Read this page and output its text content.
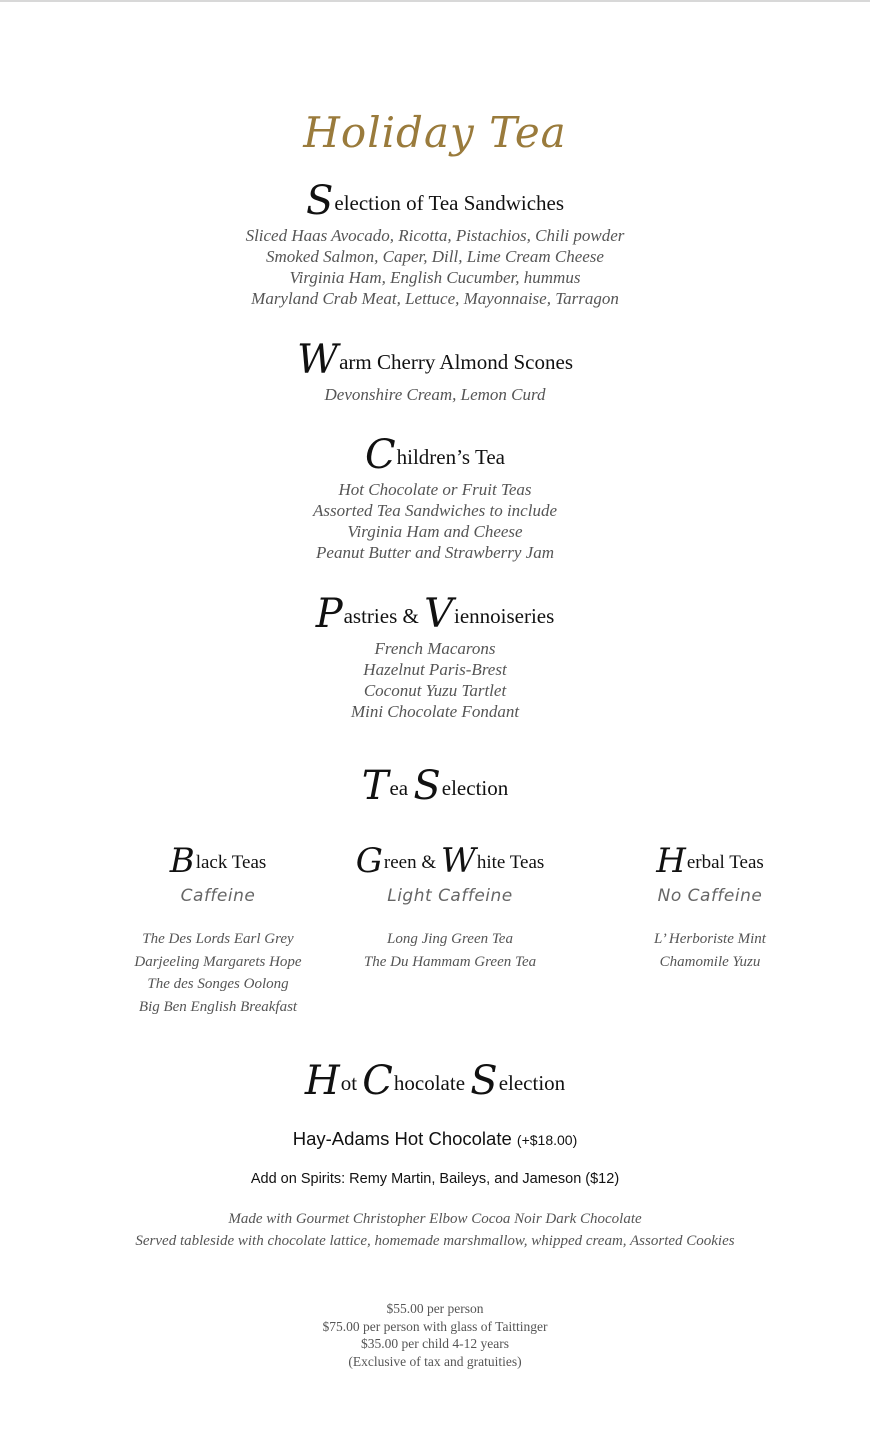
Holiday Tea
Selection of Tea Sandwiches
Sliced Haas Avocado, Ricotta, Pistachios, Chili powder
Smoked Salmon, Caper, Dill, Lime Cream Cheese
Virginia Ham, English Cucumber, hummus
Maryland Crab Meat, Lettuce, Mayonnaise, Tarragon
Warm Cherry Almond Scones
Devonshire Cream, Lemon Curd
Children’s Tea
Hot Chocolate or Fruit Teas
Assorted Tea Sandwiches to include
Virginia Ham and Cheese
Peanut Butter and Strawberry Jam
Pastries & Viennoiseries
French Macarons
Hazelnut Paris-Brest
Coconut Yuzu Tartlet
Mini Chocolate Fondant
Tea Selection
Black Teas
Caffeine
The Des Lords Earl Grey
Darjeeling Margarets Hope
The des Songes Oolong
Big Ben English Breakfast
Green & White Teas
Light Caffeine
Long Jing Green Tea
The Du Hammam Green Tea
Herbal Teas
No Caffeine
L’ Herboriste Mint
Chamomile Yuzu
Hot Chocolate Selection
Hay-Adams Hot Chocolate (+$18.00)
Add on Spirits: Remy Martin, Baileys, and Jameson ($12)
Made with Gourmet Christopher Elbow Cocoa Noir Dark Chocolate
Served tableside with chocolate lattice, homemade marshmallow, whipped cream, Assorted Cookies
$55.00 per person
$75.00 per person with glass of Taittinger
$35.00 per child 4-12 years
(Exclusive of tax and gratuities)
